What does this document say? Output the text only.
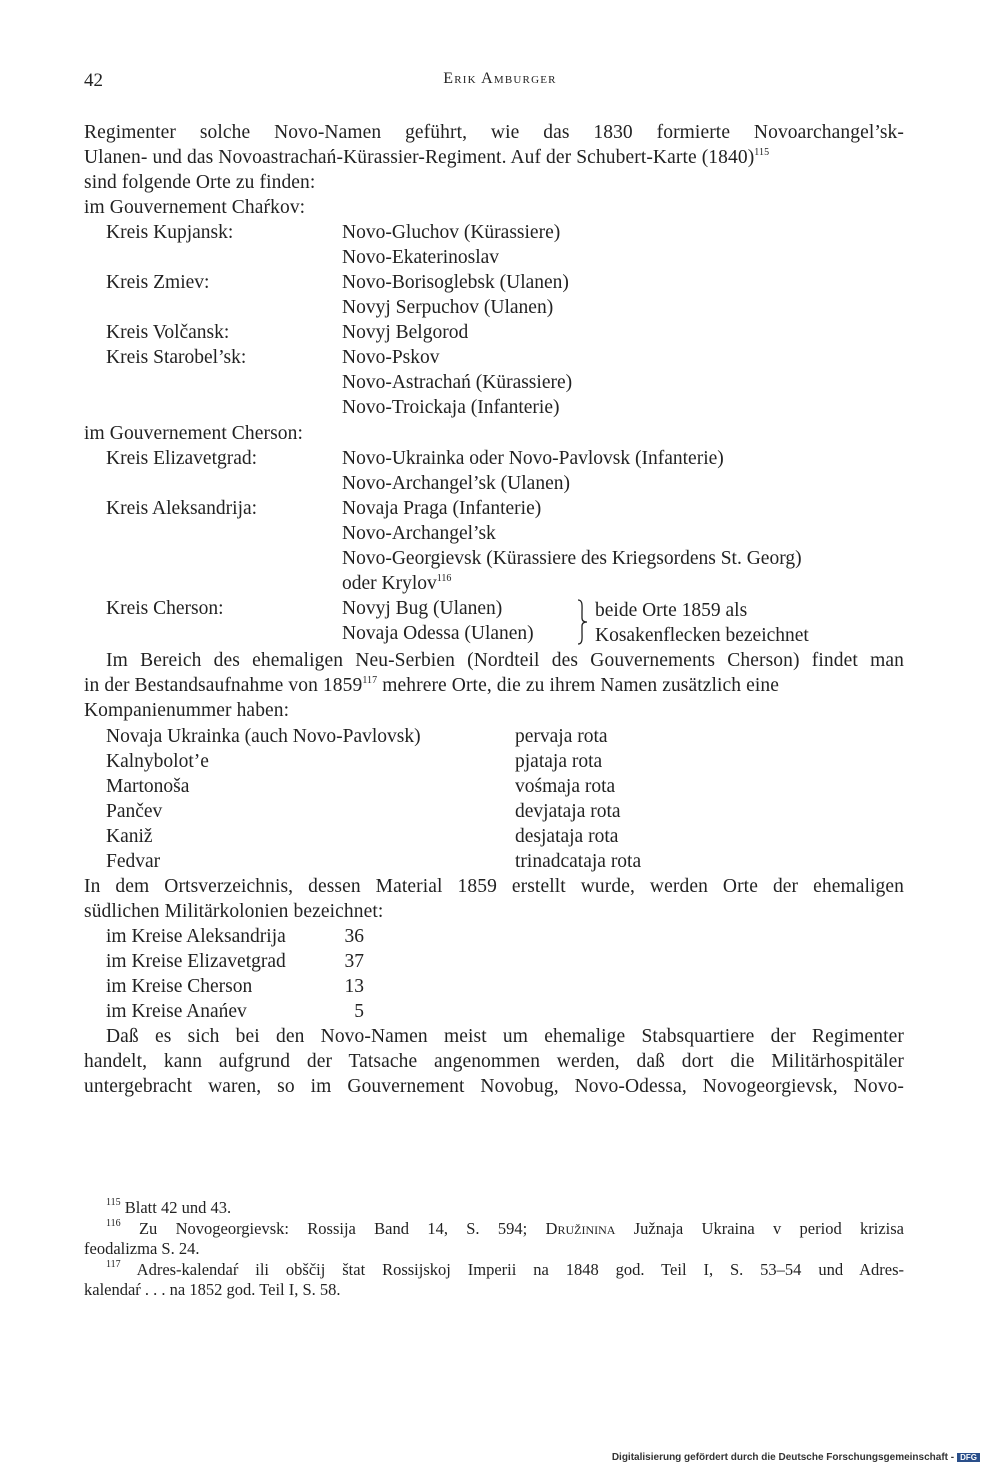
42	Erik Amburger
Regimenter solche Novo-Namen geführt, wie das 1830 formierte Novoarchangel’sk-
Ulanen- und das Novoastrachań-Kürassier-Regiment. Auf der Schubert-Karte $(1840)^{115}$
sind folgende Orte zu finden:
im Gouvernement Chaŕkov:
Kreis Kupjansk:	Novo-Gluchov (Kürassiere)
Novo-Ekaterinoslav
Kreis Zmiev:	Novo-Borisoglebsk (Ulanen)
Novyj Serpuchov (Ulanen)
Kreis Volčansk:	Novyj Belgorod
Kreis Starobel’sk:	Novo-Pskov
Novo-Astrachań (Kürassiere)
Novo-Troickaja (Infanterie)
im Gouvernement Cherson:
Kreis Elizavetgrad:	Novo-Ukrainka oder Novo-Pavlovsk (Infanterie)
Novo-Archangel’sk (Ulanen)
Kreis Aleksandrija:	Novaja Praga (Infanterie)
Novo-Archangel’sk
Novo-Georgievsk (Kürassiere des Kriegsordens St. Georg)
oder Krylov$^{116}$
Kreis Cherson:	Novyj Bug (Ulanen)
Novaja Odessa (Ulanen)
beide Orte 1859 als
Kosakenflecken bezeichnet
Im Bereich des ehemaligen Neu-Serbien (Nordteil des Gouvernements Cherson) findet man
in der Bestandsaufnahme von 1859$^{117}$ mehrere Orte, die zu ihrem Namen zusätzlich eine
Kompanienummer haben:
Novaja Ukrainka (auch Novo-Pavlovsk)	pervaja rota
Kalnybolot’e	pjataja rota
Martonoša	vośmaja rota
Pančev	devjataja rota
Kaniž	desjataja rota
Fedvar	trinadcataja rota
In dem Ortsverzeichnis, dessen Material 1859 erstellt wurde, werden Orte der ehemaligen
südlichen Militärkolonien bezeichnet:
im Kreise Aleksandrija	36
im Kreise Elizavetgrad	37
im Kreise Cherson	13
im Kreise Anańev	5
Daß es sich bei den Novo-Namen meist um ehemalige Stabsquartiere der Regimenter
handelt, kann aufgrund der Tatsache angenommen werden, daß dort die Militärhospitäler
untergebracht waren, so im Gouvernement Novobug, Novo-Odessa, Novogeorgievsk, Novo-
$^{115}$ Blatt 42 und 43.
$^{116}$ Zu Novogeorgievsk: Rossija Band 14, S. 594; Družinina Južnaja Ukraina v period krizisa
feodalizma S. 24.
$^{117}$ Adres-kalendaŕ ili obščij štat Rossijskoj Imperii na 1848 god. Teil I, S. 53–54 und Adres-
kalendaŕ . . . na 1852 god. Teil I, S. 58.
Digitalisierung gefördert durch die Deutsche Forschungsgemeinschaft - DFG
